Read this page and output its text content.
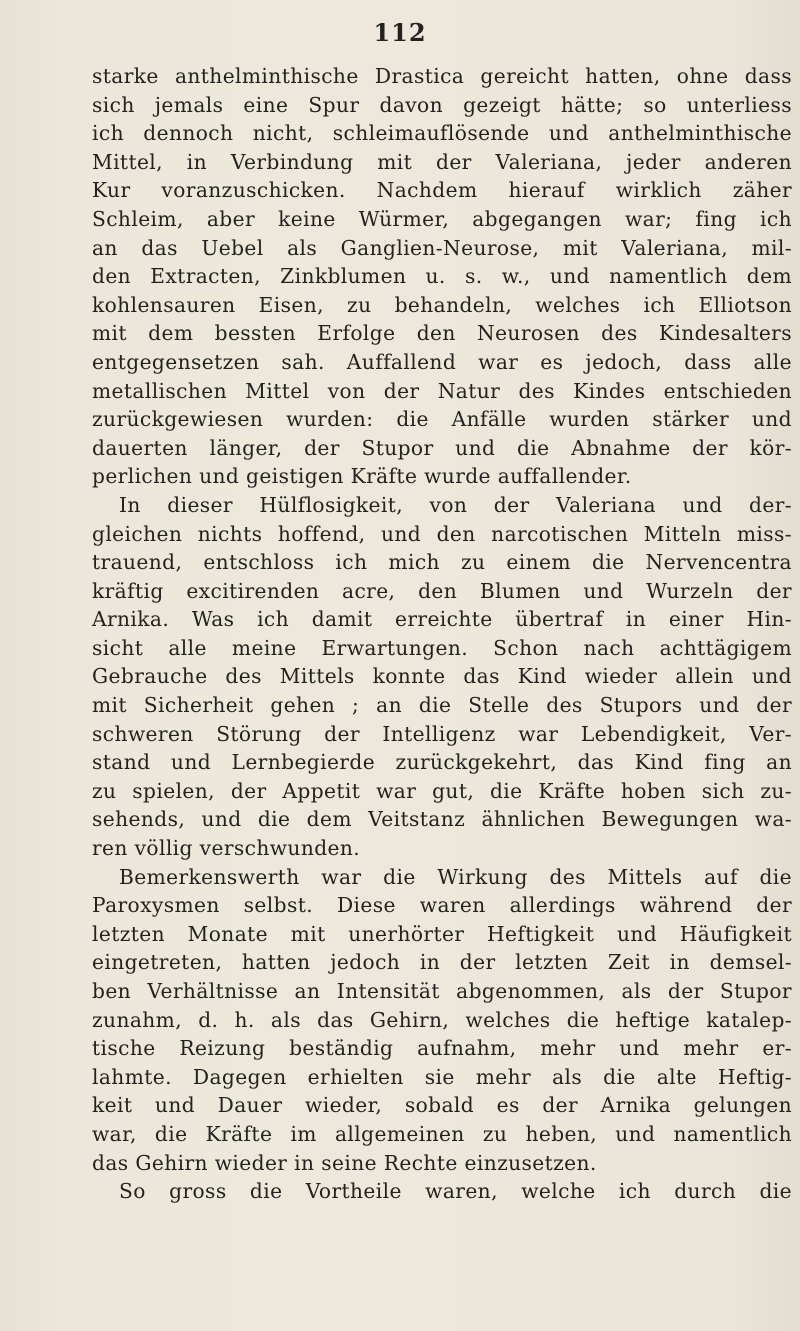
112
starke anthelminthische Drastica gereicht hatten, ohne dass
sich jemals eine Spur davon gezeigt hätte; so unterliess
ich dennoch nicht, schleimauflösende und anthelminthische
Mittel, in Verbindung mit der Valeriana, jeder anderen
Kur voranzuschicken. Nachdem hierauf wirklich zäher
Schleim, aber keine Würmer, abgegangen war; fing ich
an das Uebel als Ganglien-Neurose, mit Valeriana, mil-
den Extracten, Zinkblumen u. s. w., und namentlich dem
kohlensauren Eisen, zu behandeln, welches ich Elliotson
mit dem bessten Erfolge den Neurosen des Kindesalters
entgegensetzen sah. Auffallend war es jedoch, dass alle
metallischen Mittel von der Natur des Kindes entschieden
zurückgewiesen wurden: die Anfälle wurden stärker und
dauerten länger, der Stupor und die Abnahme der kör-
perlichen und geistigen Kräfte wurde auffallender.
In dieser Hülflosigkeit, von der Valeriana und der-
gleichen nichts hoffend, und den narcotischen Mitteln miss-
trauend, entschloss ich mich zu einem die Nervencentra
kräftig excitirenden acre, den Blumen und Wurzeln der
Arnika. Was ich damit erreichte übertraf in einer Hin-
sicht alle meine Erwartungen. Schon nach achttägigem
Gebrauche des Mittels konnte das Kind wieder allein und
mit Sicherheit gehen ; an die Stelle des Stupors und der
schweren Störung der Intelligenz war Lebendigkeit, Ver-
stand und Lernbegierde zurückgekehrt, das Kind fing an
zu spielen, der Appetit war gut, die Kräfte hoben sich zu-
sehends, und die dem Veitstanz ähnlichen Bewegungen wa-
ren völlig verschwunden.
Bemerkenswerth war die Wirkung des Mittels auf die
Paroxysmen selbst. Diese waren allerdings während der
letzten Monate mit unerhörter Heftigkeit und Häufigkeit
eingetreten, hatten jedoch in der letzten Zeit in demsel-
ben Verhältnisse an Intensität abgenommen, als der Stupor
zunahm, d. h. als das Gehirn, welches die heftige katalep-
tische Reizung beständig aufnahm, mehr und mehr er-
lahmte. Dagegen erhielten sie mehr als die alte Heftig-
keit und Dauer wieder, sobald es der Arnika gelungen
war, die Kräfte im allgemeinen zu heben, und namentlich
das Gehirn wieder in seine Rechte einzusetzen.
So gross die Vortheile waren, welche ich durch die
